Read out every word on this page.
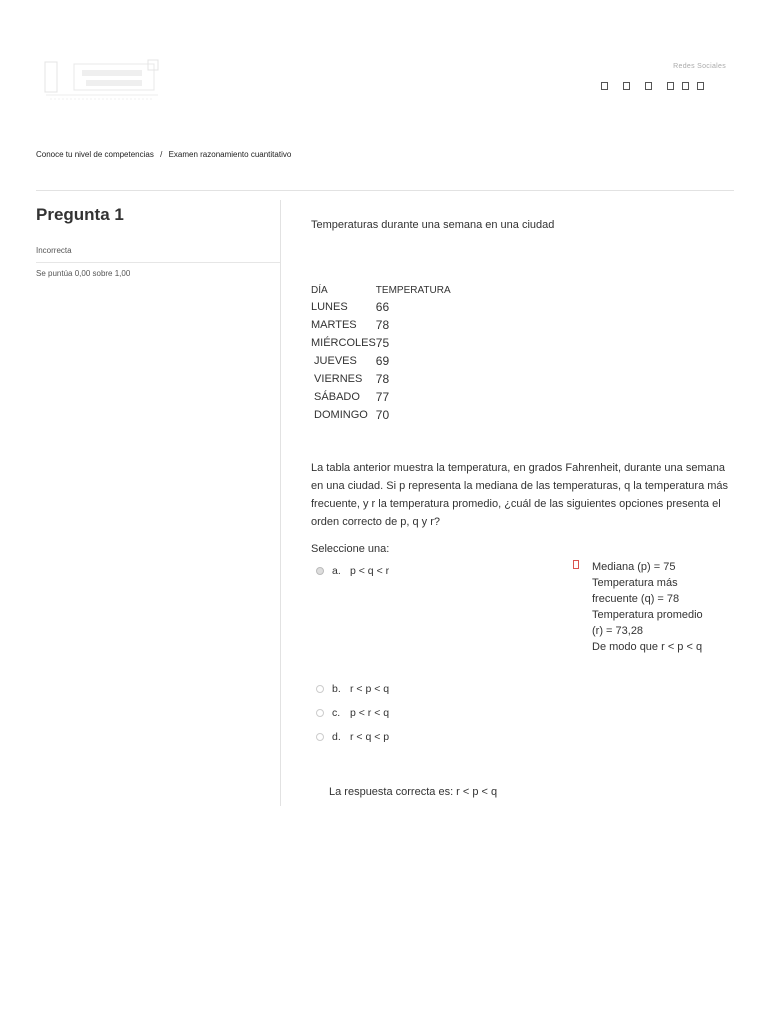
Redes Sociales
Conoce tu nivel de competencias / Examen razonamiento cuantitativo
Pregunta 1
Incorrecta
Se puntúa 0,00 sobre 1,00

Temperaturas durante una semana en una ciudad

DÍA	TEMPERATURA
LUNES	66
MARTES	78
MIÉRCOLES	75
JUEVES	69
VIERNES	78
SÁBADO	77
DOMINGO	70
La tabla anterior muestra la temperatura, en grados Fahrenheit, durante una semana en una ciudad. Si p representa la mediana de las temperaturas, q la temperatura más frecuente, y r la temperatura promedio, ¿cuál de las siguientes opciones presenta el orden correcto de p, q y r?
Seleccione una:
a. p < q < r
b. r < p < q
c. p < r < q
d. r < q < p
Mediana (p) = 75
Temperatura más frecuente (q) = 78
Temperatura promedio (r) = 73,28
De modo que r < p < q
La respuesta correcta es: r < p < q
